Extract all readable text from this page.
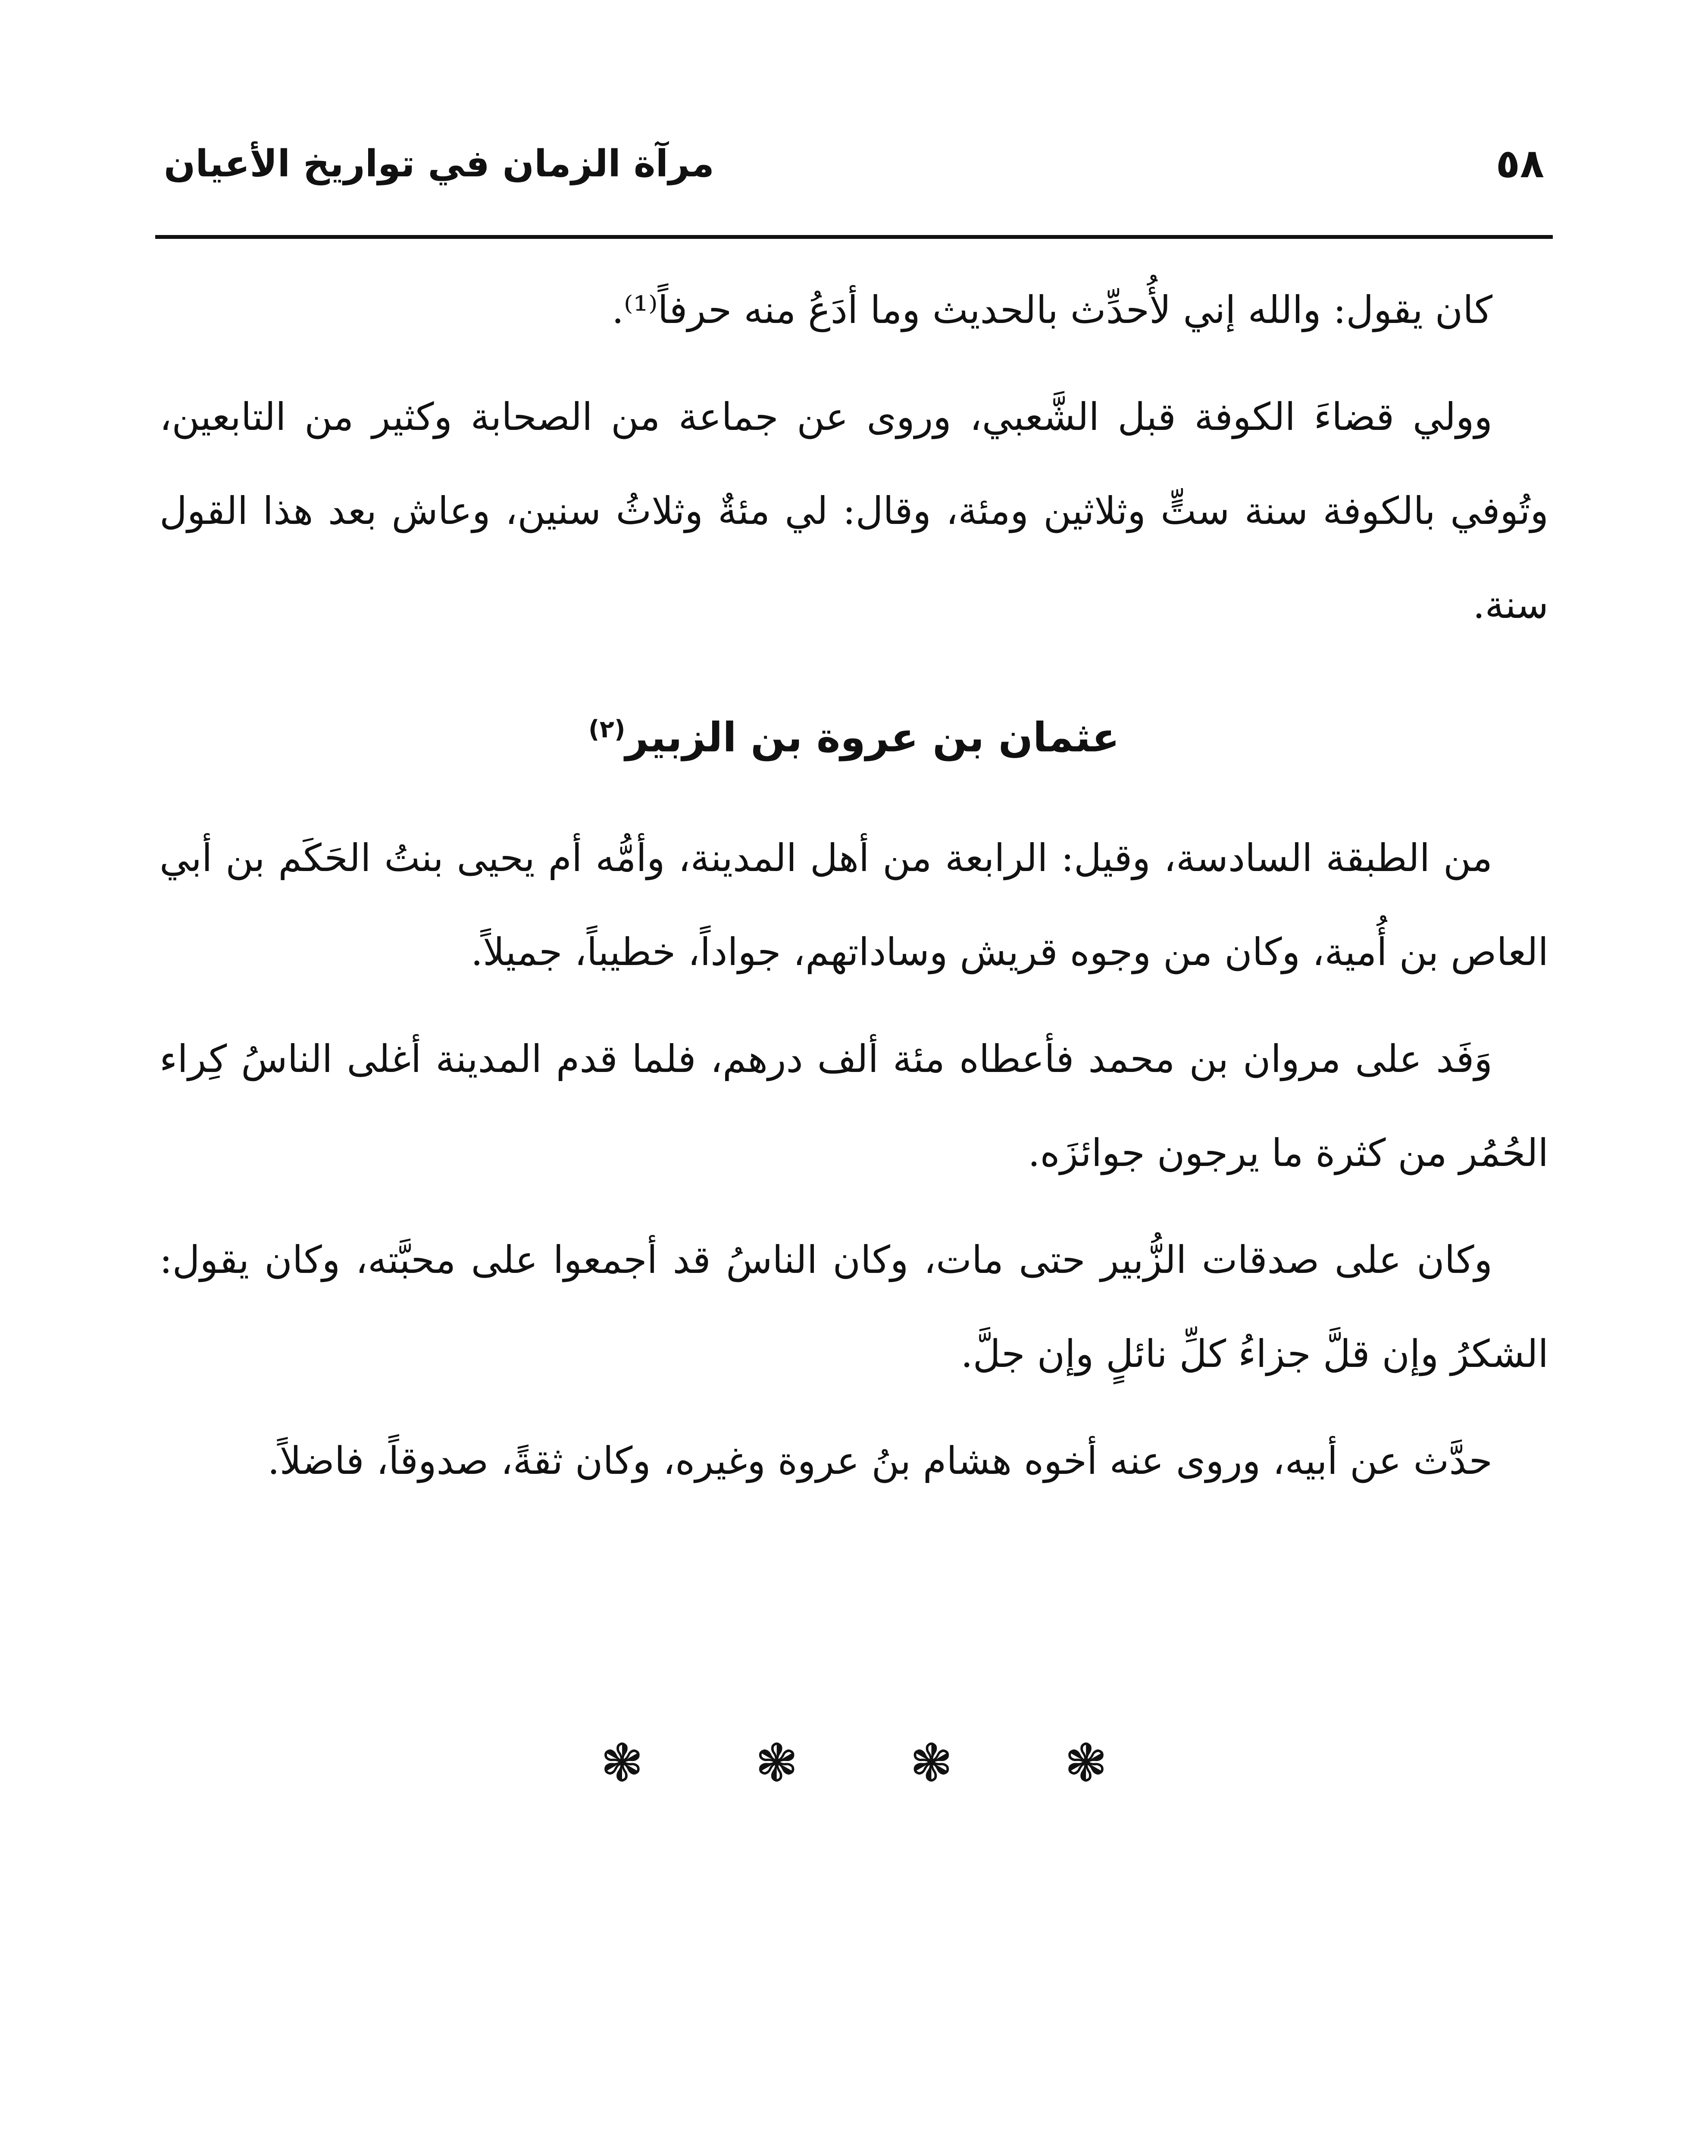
٥٨
مرآة الزمان في تواريخ الأعيان

كان يقول: والله إني لأُحدِّث بالحديث وما أدَعُ منه حرفاً⁽¹⁾.

وولي قضاءَ الكوفة قبل الشَّعبي، وروى عن جماعة من الصحابة وكثير من التابعين، وتُوفي بالكوفة سنة ستٍّ وثلاثين ومئة، وقال: لي مئةٌ وثلاثُ سنين، وعاش بعد هذا القول سنة.

عثمان بن عروة بن الزبير$^{(٢)}$

من الطبقة السادسة، وقيل: الرابعة من أهل المدينة، وأمُّه أم يحيى بنتُ الحَكَم بن أبي العاص بن أُمية، وكان من وجوه قريش وساداتهم، جواداً، خطيباً، جميلاً.

وَفَد على مروان بن محمد فأعطاه مئة ألف درهم، فلما قدم المدينة أغلى الناسُ كِراء الحُمُر من كثرة ما يرجون جوائزَه.

وكان على صدقات الزُّبير حتى مات، وكان الناسُ قد أجمعوا على محبَّته، وكان يقول: الشكرُ وإن قلَّ جزاءُ كلِّ نائلٍ وإن جلَّ.

حدَّث عن أبيه، وروى عنه أخوه هشام بنُ عروة وغيره، وكان ثقةً، صدوقاً، فاضلاً.

❃ ❃ ❃ ❃
